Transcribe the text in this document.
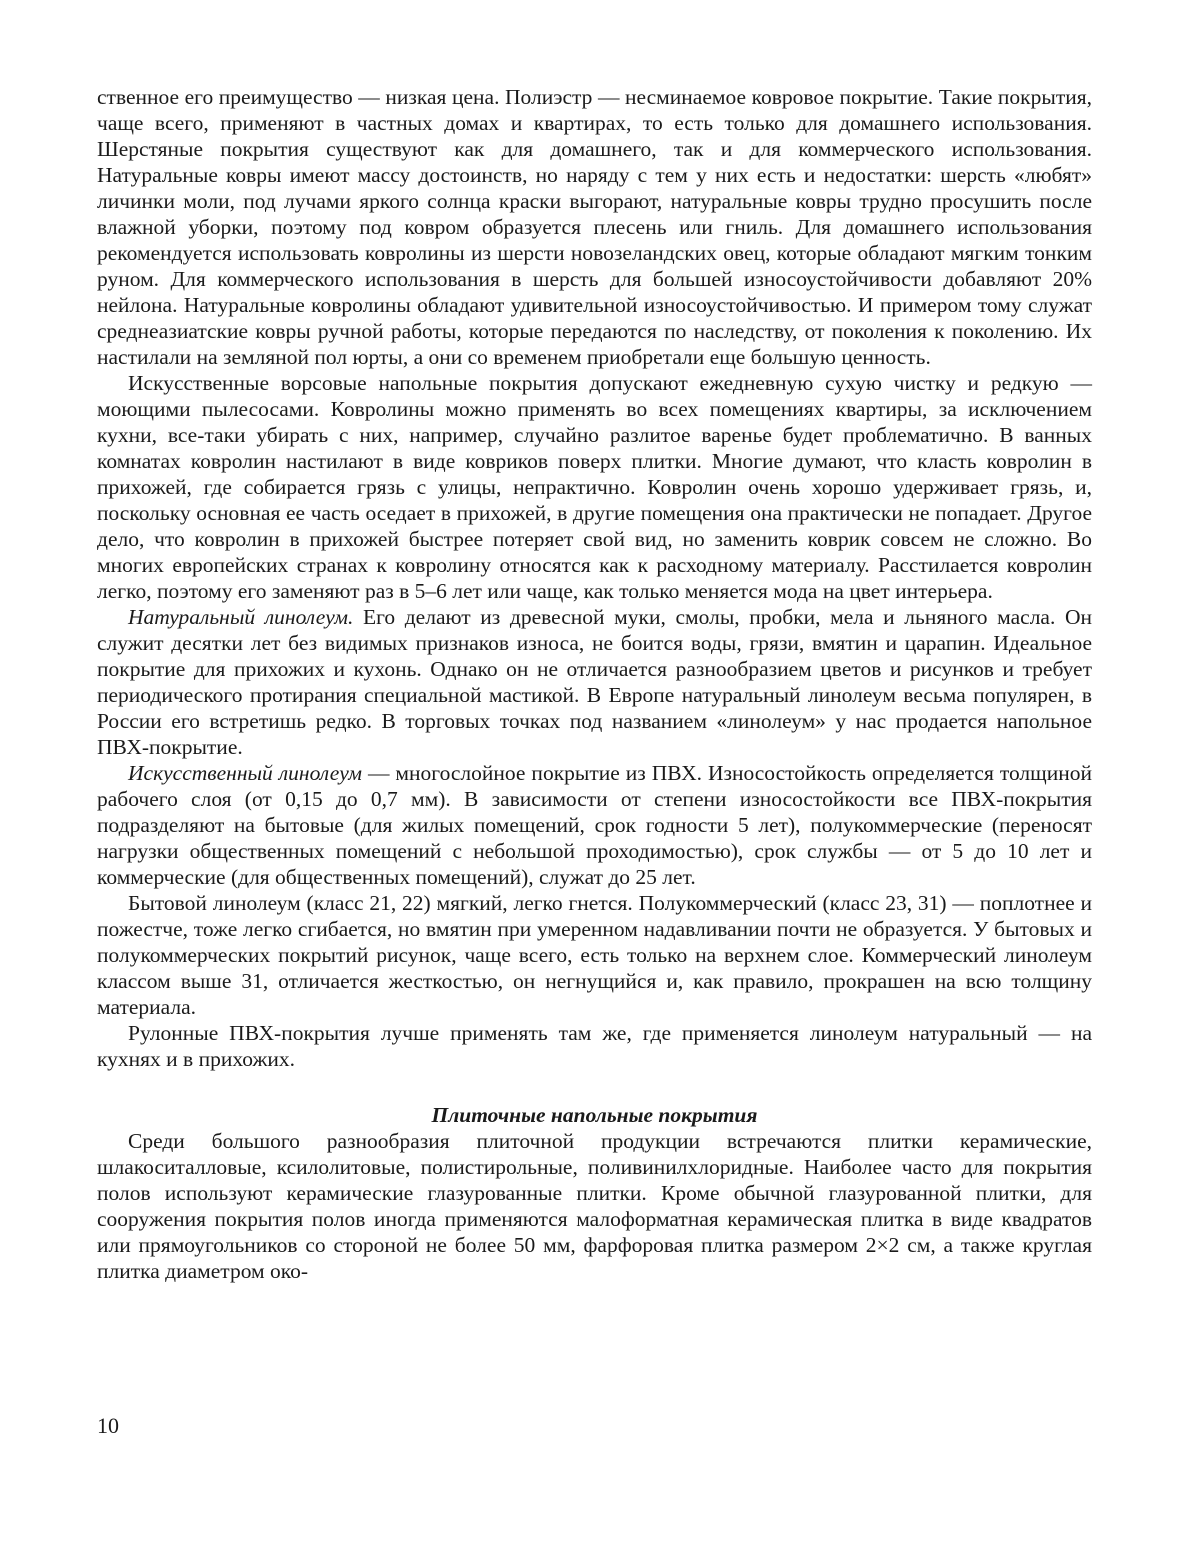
ственное его преимущество — низкая цена. Полиэстр — несминаемое ковровое покрытие. Такие покрытия, чаще всего, применяют в частных домах и квартирах, то есть только для домашнего использования. Шерстяные покрытия существуют как для домашнего, так и для коммерческого использования. Натуральные ковры имеют массу достоинств, но наряду с тем у них есть и недостатки: шерсть «любят» личинки моли, под лучами яркого солнца краски выгорают, натуральные ковры трудно просушить после влажной уборки, поэтому под ковром образуется плесень или гниль. Для домашнего использования рекомендуется использовать ковролины из шерсти новозеландских овец, которые обладают мягким тонким руном. Для коммерческого использования в шерсть для большей износоустойчивости добавляют 20% нейлона. Натуральные ковролины обладают удивительной износоустойчивостью. И примером тому служат среднеазиатские ковры ручной работы, которые передаются по наследству, от поколения к поколению. Их настилали на земляной пол юрты, а они со временем приобретали еще большую ценность.

Искусственные ворсовые напольные покрытия допускают ежедневную сухую чистку и редкую — моющими пылесосами. Ковролины можно применять во всех помещениях квартиры, за исключением кухни, все-таки убирать с них, например, случайно разлитое варенье будет проблематично. В ванных комнатах ковролин настилают в виде ковриков поверх плитки. Многие думают, что класть ковролин в прихожей, где собирается грязь с улицы, непрактично. Ковролин очень хорошо удерживает грязь, и, поскольку основная ее часть оседает в прихожей, в другие помещения она практически не попадает. Другое дело, что ковролин в прихожей быстрее потеряет свой вид, но заменить коврик совсем не сложно. Во многих европейских странах к ковролину относятся как к расходному материалу. Расстилается ковролин легко, поэтому его заменяют раз в 5–6 лет или чаще, как только меняется мода на цвет интерьера.

Натуральный линолеум. Его делают из древесной муки, смолы, пробки, мела и льняного масла. Он служит десятки лет без видимых признаков износа, не боится воды, грязи, вмятин и царапин. Идеальное покрытие для прихожих и кухонь. Однако он не отличается разнообразием цветов и рисунков и требует периодического протирания специальной мастикой. В Европе натуральный линолеум весьма популярен, в России его встретишь редко. В торговых точках под названием «линолеум» у нас продается напольное ПВХ-покрытие.

Искусственный линолеум — многослойное покрытие из ПВХ. Износостойкость определяется толщиной рабочего слоя (от 0,15 до 0,7 мм). В зависимости от степени износостойкости все ПВХ-покрытия подразделяют на бытовые (для жилых помещений, срок годности 5 лет), полукоммерческие (переносят нагрузки общественных помещений с небольшой проходимостью), срок службы — от 5 до 10 лет и коммерческие (для общественных помещений), служат до 25 лет.

Бытовой линолеум (класс 21, 22) мягкий, легко гнется. Полукоммерческий (класс 23, 31) — поплотнее и пожестче, тоже легко сгибается, но вмятин при умеренном надавливании почти не образуется. У бытовых и полукоммерческих покрытий рисунок, чаще всего, есть только на верхнем слое. Коммерческий линолеум классом выше 31, отличается жесткостью, он негнущийся и, как правило, прокрашен на всю толщину материала.

Рулонные ПВХ-покрытия лучше применять там же, где применяется линолеум натуральный — на кухнях и в прихожих.

Плиточные напольные покрытия

Среди большого разнообразия плиточной продукции встречаются плитки керамические, шлакоситалловые, ксилолитовые, полистирольные, поливинилхлоридные. Наиболее часто для покрытия полов используют керамические глазурованные плитки. Кроме обычной глазурованной плитки, для сооружения покрытия полов иногда применяются малоформатная керамическая плитка в виде квадратов или прямоугольников со стороной не более 50 мм, фарфоровая плитка размером 2×2 см, а также круглая плитка диаметром око-

10
